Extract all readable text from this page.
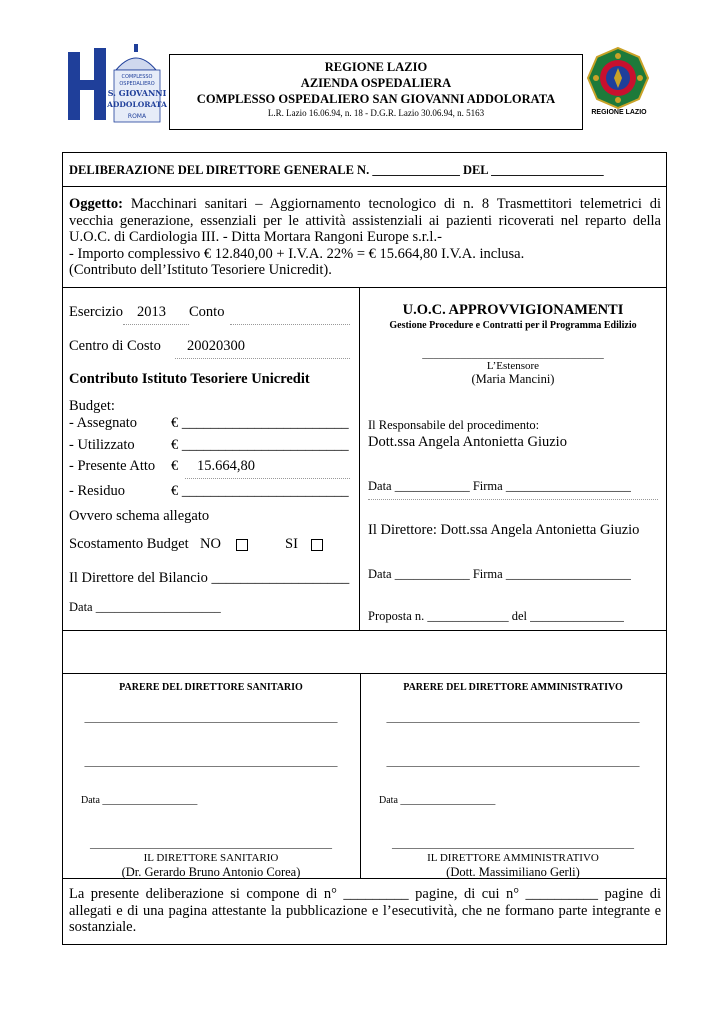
COMPLESSO
OSPEDALIERO
S. GIOVANNI
ADDOLORATA
ROMA
REGIONE LAZIO
REGIONE LAZIO
AZIENDA OSPEDALIERA
COMPLESSO OSPEDALIERO SAN GIOVANNI ADDOLORATA
L.R. Lazio 16.06.94, n. 18 - D.G.R. Lazio 30.06.94, n. 5163
DELIBERAZIONE DEL DIRETTORE GENERALE N. ______________ DEL __________________
Oggetto: Macchinari sanitari – Aggiornamento tecnologico di n. 8 Trasmettitori telemetrici di
vecchia generazione, essenziali per le attività assistenziali ai pazienti ricoverati nel reparto della
U.O.C. di Cardiologia III. - Ditta Mortara Rangoni Europe s.r.l.-
- Importo complessivo € 12.840,00 + I.V.A. 22% = € 15.664,80 I.V.A. inclusa.
(Contributo dell’Istituto Tesoriere Unicredit).
Esercizio 2013 Conto
Centro di Costo 20020300
Contributo Istituto Tesoriere Unicredit
Budget:
- Assegnato € _______________________
- Utilizzato	€ _______________________
- Presente Atto € 15.664,80
- Residuo	€ _______________________
Ovvero schema allegato
Scostamento Budget NO	SI
Il Direttore del Bilancio ___________________
Data ____________________
U.O.C. APPROVVIGIONAMENTI
Gestione Procedure e Contratti per il Programma Edilizio
_________________________________
L’Estensore
(Maria Mancini)
Il Responsabile del procedimento:
Dott.ssa Angela Antonietta Giuzio
Data ____________ Firma ____________________
Il Direttore: Dott.ssa Angela Antonietta Giuzio
Data ____________ Firma ____________________
Proposta n. _____________ del _______________
PARERE DEL DIRETTORE SANITARIO	PARERE DEL DIRETTORE AMMINISTRATIVO
______________________________________________
______________________________________________
______________________________________________
______________________________________________
Data ___________________	Data ___________________
____________________________________________
IL DIRETTORE SANITARIO
(Dr. Gerardo Bruno Antonio Corea)
____________________________________________
IL DIRETTORE AMMINISTRATIVO
(Dott. Massimiliano Gerli)
La presente deliberazione si compone di n° _________ pagine, di cui n° __________ pagine di
allegati e di una pagina attestante la pubblicazione e l’esecutività, che ne formano parte integrante e
sostanziale.
